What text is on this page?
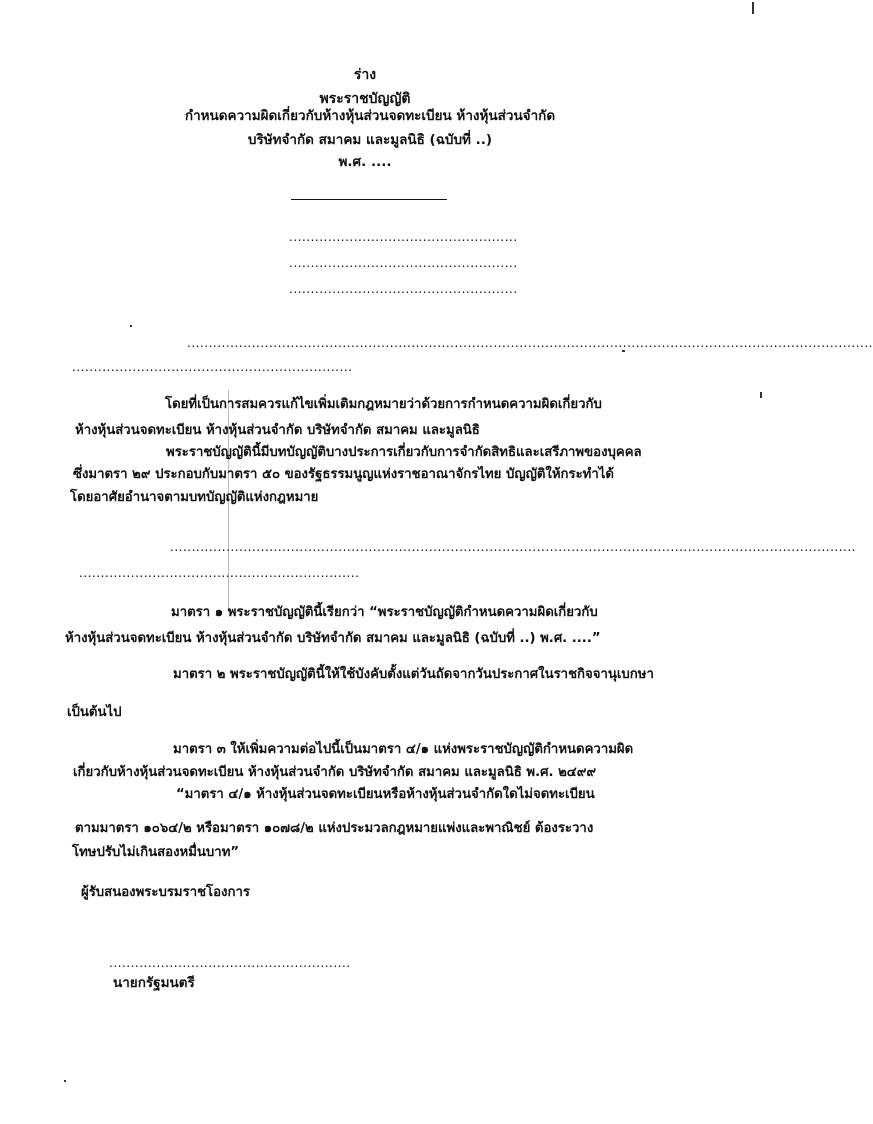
ร่าง
พระราชบัญญัติ
กำหนดความผิดเกี่ยวกับห้างหุ้นส่วนจดทะเบียน ห้างหุ้นส่วนจำกัด
บริษัทจำกัด สมาคม และมูลนิธิ (ฉบับที่ ..)
พ.ศ. ....
.....................................................
.....................................................
.....................................................
...............................................................................................................................................................
.................................................................
โดยที่เป็นการสมควรแก้ไขเพิ่มเติมกฎหมายว่าด้วยการกำหนดความผิดเกี่ยวกับ
ห้างหุ้นส่วนจดทะเบียน ห้างหุ้นส่วนจำกัด บริษัทจำกัด สมาคม และมูลนิธิ
พระราชบัญญัตินี้มีบทบัญญัติบางประการเกี่ยวกับการจำกัดสิทธิและเสรีภาพของบุคคล
ซึ่งมาตรา ๒๙ ประกอบกับมาตรา ๕๐ ของรัฐธรรมนูญแห่งราชอาณาจักรไทย บัญญัติให้กระทำได้
โดยอาศัยอำนาจตามบทบัญญัติแห่งกฎหมาย
...............................................................................................................................................................
.................................................................
มาตรา ๑ พระราชบัญญัตินี้เรียกว่า “พระราชบัญญัติกำหนดความผิดเกี่ยวกับ
ห้างหุ้นส่วนจดทะเบียน ห้างหุ้นส่วนจำกัด บริษัทจำกัด สมาคม และมูลนิธิ (ฉบับที่ ..) พ.ศ. ....”
มาตรา ๒ พระราชบัญญัตินี้ให้ใช้บังคับตั้งแต่วันถัดจากวันประกาศในราชกิจจานุเบกษา
เป็นต้นไป
มาตรา ๓ ให้เพิ่มความต่อไปนี้เป็นมาตรา ๔/๑ แห่งพระราชบัญญัติกำหนดความผิด
เกี่ยวกับห้างหุ้นส่วนจดทะเบียน ห้างหุ้นส่วนจำกัด บริษัทจำกัด สมาคม และมูลนิธิ พ.ศ. ๒๔๙๙
“มาตรา ๔/๑ ห้างหุ้นส่วนจดทะเบียนหรือห้างหุ้นส่วนจำกัดใดไม่จดทะเบียน
ตามมาตรา ๑๐๖๔/๒ หรือมาตรา ๑๐๗๘/๒ แห่งประมวลกฎหมายแพ่งและพาณิชย์ ต้องระวาง
โทษปรับไม่เกินสองหมื่นบาท”
ผู้รับสนองพระบรมราชโองการ
........................................................
นายกรัฐมนตรี
